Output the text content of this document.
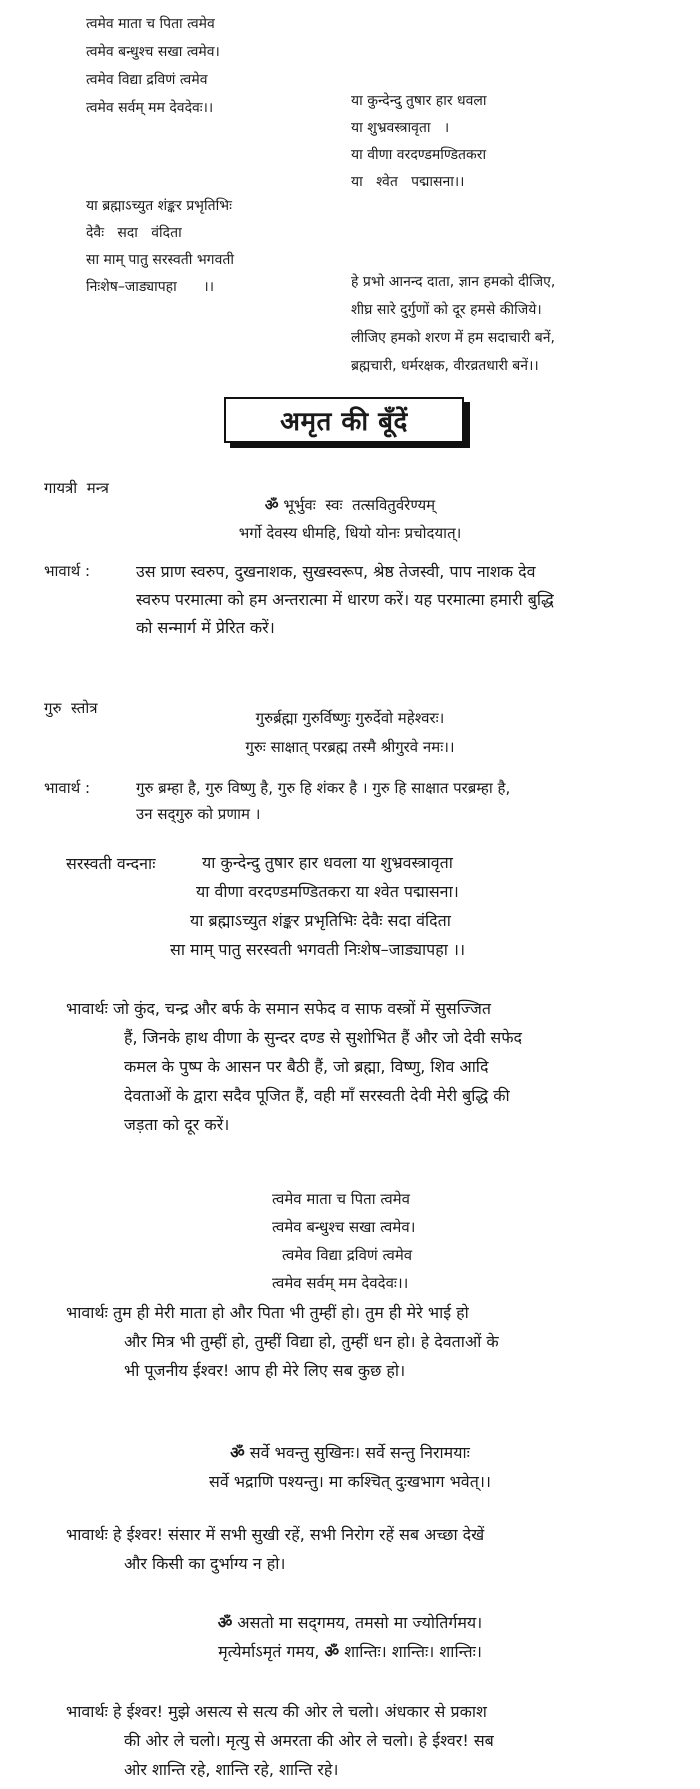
त्वमेव माता च पिता त्वमेव
त्वमेव बन्धुश्च सखा त्वमेव।
त्वमेव विद्या द्रविणं त्वमेव
त्वमेव सर्वम् मम देवदेवः।।	या कुन्देन्दु तुषार हार धवला
या शुभ्रवस्त्रावृता   ।
या वीणा वरदण्डमण्डितकरा
या   श्वेत   पद्मासना।।
या ब्रह्माऽच्युत शंङ्कर प्रभृतिभिः
देवैः   सदा   वंदिता
सा माम् पातु सरस्वती भगवती
निःशेष–जाड्यापहा      ।।	हे प्रभो आनन्द दाता, ज्ञान हमको दीजिए,
शीघ्र सारे दुर्गुणों को दूर हमसे कीजिये।
लीजिए हमको शरण में हम सदाचारी बनें,
ब्रह्मचारी, धर्मरक्षक, वीरव्रतधारी बनें।।
अमृत की बूँदें
गायत्री  मन्त्र
ॐ भूर्भुवः  स्वः  तत्सवितुर्वरेण्यम्
भर्गो देवस्य धीमहि, धियो योनः प्रचोदयात्।
भावार्थ :	उस प्राण स्वरुप, दुखनाशक, सुखस्वरूप, श्रेष्ठ तेजस्वी, पाप नाशक देव
स्वरुप परमात्मा को हम अन्तरात्मा में धारण करें। यह परमात्मा हमारी बुद्धि
को सन्मार्ग में प्रेरित करें।
गुरु  स्तोत्र
गुरुर्ब्रह्मा गुरुर्विष्णुः गुरुर्देवो महेश्वरः।
गुरुः साक्षात् परब्रह्म तस्मै श्रीगुरवे नमः।।
भावार्थ :	गुरु ब्रम्हा है, गुरु विष्णु है, गुरु हि शंकर है । गुरु हि साक्षात परब्रम्हा है,
उन सद्‌गुरु को प्रणाम ।
सरस्वती वन्दनाः	या कुन्देन्दु तुषार हार धवला या शुभ्रवस्त्रावृता
या वीणा वरदण्डमण्डितकरा या श्वेत पद्मासना।
या ब्रह्माऽच्युत शंङ्कर प्रभृतिभिः देवैः सदा वंदिता
सा माम् पातु सरस्वती भगवती निःशेष–जाड्यापहा ।।
भावार्थः जो कुंद, चन्द्र और बर्फ के समान सफेद व साफ वस्त्रों में सुसज्जित
हैं, जिनके हाथ वीणा के सुन्दर दण्ड से सुशोभित हैं और जो देवी सफेद
कमल के पुष्प के आसन पर बैठी हैं, जो ब्रह्मा, विष्णु, शिव आदि
देवताओं के द्वारा सदैव पूजित हैं, वही माँ सरस्वती देवी मेरी बुद्धि की
जड़ता को दूर करें।
त्वमेव माता च पिता त्वमेव
त्वमेव बन्धुश्च सखा त्वमेव।
त्वमेव विद्या द्रविणं त्वमेव
त्वमेव सर्वम् मम देवदेवः।।
भावार्थः तुम ही मेरी माता हो और पिता भी तुम्हीं हो। तुम ही मेरे भाई हो
और मित्र भी तुम्हीं हो, तुम्हीं विद्या हो, तुम्हीं धन हो। हे देवताओं के
भी पूजनीय ईश्वर! आप ही मेरे लिए सब कुछ हो।
ॐ सर्वे भवन्तु सुखिनः। सर्वे सन्तु निरामयाः
सर्वे भद्राणि पश्यन्तु। मा कश्चित् दुःखभाग भवेत्।।
भावार्थः हे ईश्वर! संसार में सभी सुखी रहें, सभी निरोग रहें सब अच्छा देखें
और किसी का दुर्भाग्य न हो।
ॐ असतो मा सद्‌गमय, तमसो मा ज्योतिर्गमय।
मृत्येर्माऽमृतं गमय, ॐ शान्तिः। शान्तिः। शान्तिः।
भावार्थः हे ईश्वर! मुझे असत्य से सत्य की ओर ले चलो। अंधकार से प्रकाश
की ओर ले चलो। मृत्यु से अमरता की ओर ले चलो। हे ईश्वर! सब
ओर शान्ति रहे, शान्ति रहे, शान्ति रहे।
